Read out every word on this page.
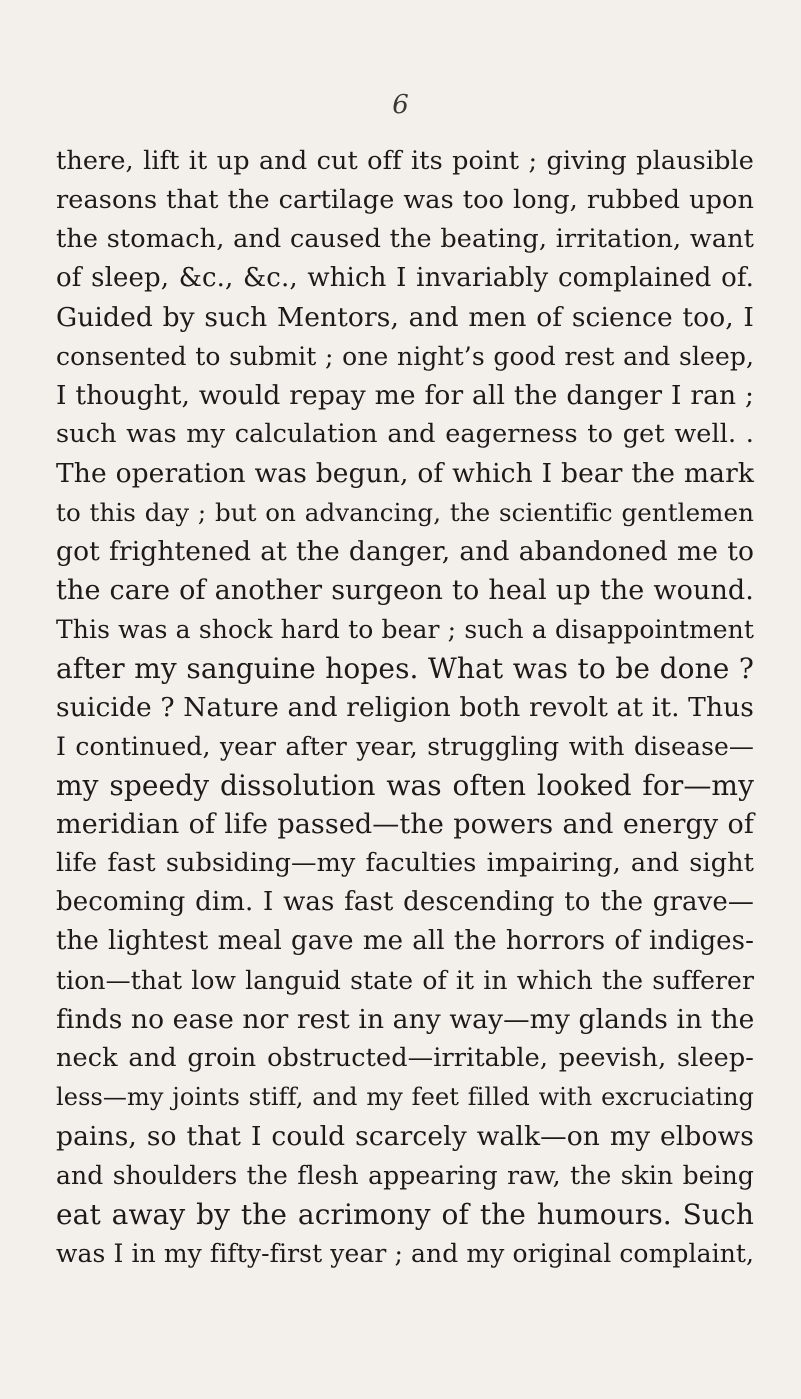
6
there, lift it up and cut off its point ; giving plausible
reasons that the cartilage was too long, rubbed upon
the stomach, and caused the beating, irritation, want
of sleep, &c., &c., which I invariably complained of.
Guided by such Mentors, and men of science too, I
consented to submit ; one night’s good rest and sleep,
I thought, would repay me for all the danger I ran ;
such was my calculation and eagerness to get well. .
The operation was begun, of which I bear the mark
to this day ; but on advancing, the scientific gentlemen
got frightened at the danger, and abandoned me to
the care of another surgeon to heal up the wound.
This was a shock hard to bear ; such a disappointment
after my sanguine hopes. What was to be done ?
suicide ? Nature and religion both revolt at it. Thus
I continued, year after year, struggling with disease—
my speedy dissolution was often looked for—my
meridian of life passed—the powers and energy of
life fast subsiding—my faculties impairing, and sight
becoming dim. I was fast descending to the grave—
the lightest meal gave me all the horrors of indiges-
tion—that low languid state of it in which the sufferer
finds no ease nor rest in any way—my glands in the
neck and groin obstructed—irritable, peevish, sleep-
less—my joints stiff, and my feet filled with excruciating
pains, so that I could scarcely walk—on my elbows
and shoulders the flesh appearing raw, the skin being
eat away by the acrimony of the humours. Such
was I in my fifty-first year ; and my original complaint,
